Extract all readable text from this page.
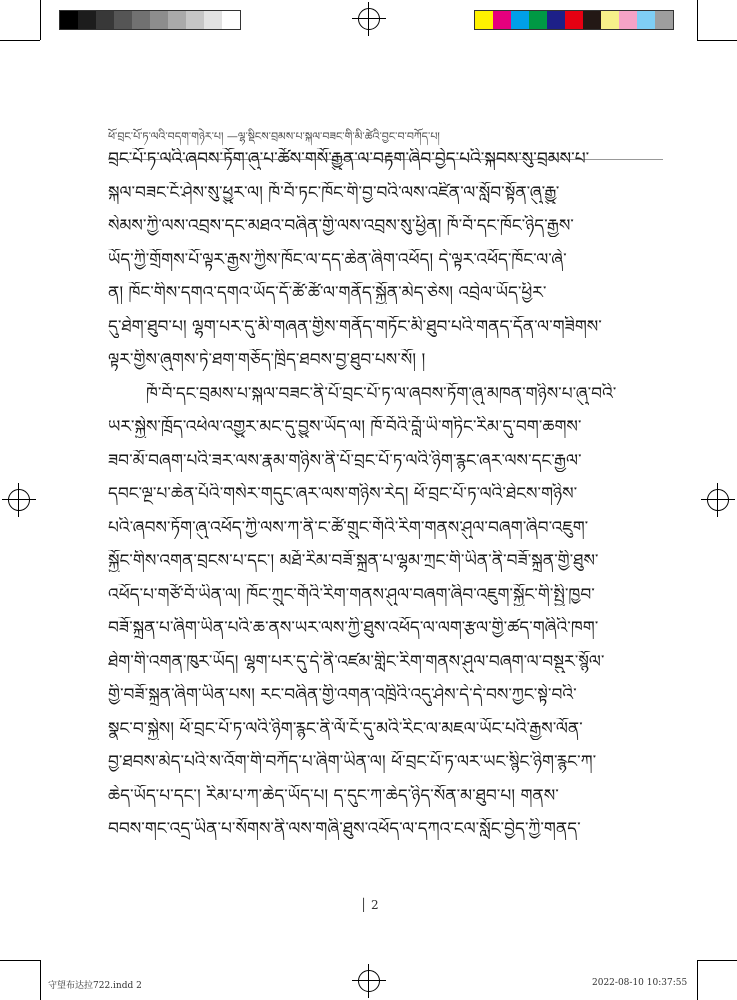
ཕོ་བྲང་པོ་ཏ་ལའི་བདག་གཉེར་པ། —ལྷ་སྡིངས་བྲམས་པ་སྐལ་བཟང་གི་མི་ཚེའི་བྱང་བ་བཀོད་པ།
བྲང་པོ་ཏ་ལའི་ཞབས་ཏོག་ཞུ་པ་ཚོས་གསོ་རྒྱུན་ལ་བརྟག་ཞིབ་བྱེད་པའི་སྐབས་སུ་བྲམས་པ་
སྐལ་བཟང་ངོ་ཤེས་སུ་ཕྱུར་ལ། ཁོ་བོ་ཏང་ཁོང་གི་བྱ་བའི་ལས་འཛིན་ལ་སློབ་སྟོན་ཞུ་རྒྱུ་
སེམས་ཀྱི་ལས་འབྲས་དང་མཐའ་བཞིན་གྱི་ལས་འབྲས་སུ་ཕྱིན། ཁོ་བོ་དང་ཁོང་ཉིད་རྒྱས་
ཡོད་ཀྱི་གྲོགས་པོ་ལྟར་རྒྱས་ཀྱིས་ཁོང་ལ་དད་ཆེན་ཞིག་འཕོད། དེ་ལྟར་འཕོད་ཁོང་ལ་ཞེ་
ན། ཁོང་གིས་དགའ་དགའ་ཡོད་དོ་ཚོ་ཚོ་ལ་གནོད་སྐྱོན་མེད་ཅེས། འབྲེལ་ཡོད་ཕྱིར་
དུ་ཐེག་ཐུབ་པ། ལྷག་པར་དུ་མི་གཞན་གྱིས་གནོད་གཏོང་མི་ཐུབ་པའི་གནད་དོན་ལ་གཟིགས་
ལྟར་གྱིས་ཞུགས་ཏེ་ཐག་གཅོད་ཁྲིད་ཐབས་བྱ་ཐུབ་པས་སོ། །
ཁོ་བོ་དང་བྲམས་པ་སྐལ་བཟང་ནི་པོ་བྲང་པོ་ཏ་ལ་ཞབས་ཏོག་ཞུ་མཁན་གཉིས་པ་ཞུ་བའི་
ཡར་སྐྱེས་ཁྲོད་འཕེལ་འགྱུར་མང་དུ་བྱུས་ཡོད་ལ། ཁོ་བོའི་བློ་ཡི་གཏིང་རིམ་དུ་བག་ཆགས་
ཟབ་མོ་བཞག་པའི་ཟར་ལས་རྣམ་གཉིས་ནི་པོ་བྲང་པོ་ཏ་ལའི་ཉིག་རྙང་ཞར་ལས་དང་རྒྱལ་
དབང་ལྔ་པ་ཆེན་པོའི་གསེར་གདུང་ཞར་ལས་གཉིས་རེད། ཕོ་བྲང་པོ་ཏ་ལའི་ཐེངས་གཉིས་
པའི་ཞབས་ཏོག་ཞུ་འཕོད་ཀྱི་ལས་ཀ་ནི་ང་ཚོ་གྲུང་གོའི་རིག་གནས་ཤུལ་བཞག་ཞིབ་འཇུག་
སྐྱོང་གིས་འགན་བྲངས་པ་དང་། མཐོ་རིམ་བཟོ་སྐྲུན་པ་ལྷམ་ཀྲང་གི་ཡིན་ནི་བཟོ་སྐྲུན་གྱི་ཐུས་
འཕོད་པ་གཙོ་བོ་ཡིན་ལ། ཁོང་ཀྲུང་གོའི་རིག་གནས་ཤུལ་བཞག་ཞིབ་འཇུག་སྐྱོང་གི་སྤྱི་ཁྱབ་
བཟོ་སྐྲུན་པ་ཞིག་ཡིན་པའི་ཆ་ནས་ཡར་ལས་ཀྱི་ཐུས་འཕོད་ལ་ལག་རྩལ་གྱི་ཚད་གཞིའི་ཁག་
ཐེག་གི་འགན་ཁུར་ཡོད། ལྷག་པར་དུ་དེ་ནི་འཛམ་གླིང་རིག་གནས་ཤུལ་བཞག་ལ་བསྡུར་སྙོལ་
གྱི་བཟོ་སྐྲུན་ཞིག་ཡིན་པས། རང་བཞིན་གྱི་འགན་འཁྲིའི་འདུ་ཤེས་དེ་དེ་བས་ཀྱང་སྟེ་བའི་
སྣང་བ་སྐྱེས། ཕོ་བྲང་པོ་ཏ་ལའི་ཉིག་རྙང་ནི་ལོ་ངོ་དུ་མའི་རིང་ལ་མཇལ་ཡོང་པའི་རྒྱས་ལོན་
བྱ་ཐབས་མེད་པའི་ས་འོག་གི་བཀོད་པ་ཞིག་ཡིན་ལ། ཕོ་བྲང་པོ་ཏ་ལར་ཡང་སྙིང་ཉིག་རྙང་ཀ་
ཆེད་ཡོད་པ་དང་། རིམ་པ་ཀ་ཆེད་ཡོད་པ། ད་དུང་ཀ་ཆེད་ཉིད་སོན་མ་ཐུབ་པ། གནས་
བབས་གང་འདྲ་ཡིན་པ་སོགས་ནི་ལས་གཞི་ཐུས་འཕོད་ལ་དཀའ་ངལ་སློང་བྱེད་ཀྱི་གནད་
│ 2
守望布达拉722.indd 2	2022-08-10 10:37:55
